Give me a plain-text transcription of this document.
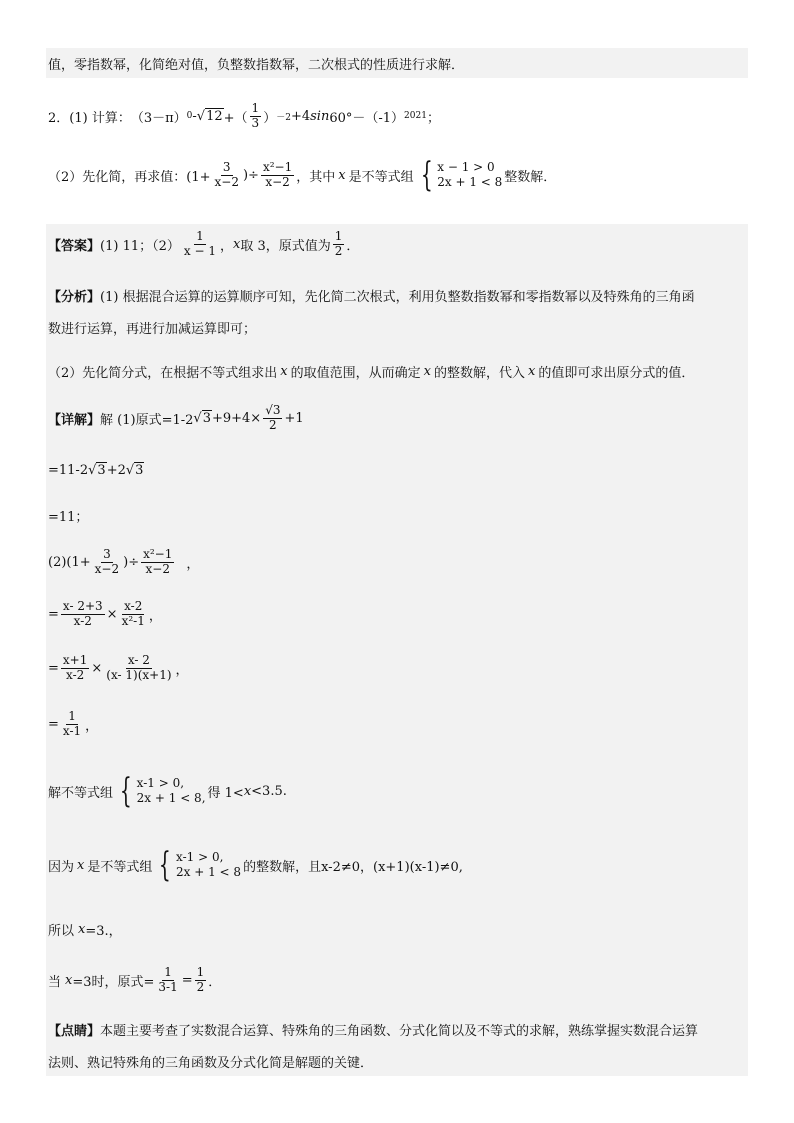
值，零指数幂，化简绝对值，负整数指数幂，二次根式的性质进行求解．
2．(1) 计算： （3－π） 0 - √ 12 +（ $\frac{1}{3}$ ） －2 +4 sin 60°－（-1） 2021 ；
（2）先化简，再求值：($1+ \frac{3}{x-2}$ )÷ $\frac{\text{x²−1}}{x-2}$ ，其中 x 是不等式组 { x − 1 > 0
2x + 1 < 8 整数解．
【答案】 (1) 11；$(2) \frac{1}{x - 1}$ ， x 取 3，原式值为 $\frac{1}{2}$ ．
【分析】 (1) 根据混合运算的运算顺序可知，先化简二次根式，利用负整数指数幂和零指数幂以及特殊角的三角函
数进行运算，再进行加减运算即可；
（2）先化简分式，在根据不等式组求出 x 的取值范围，从而确定 x 的整数解，代入 x 的值即可求出原分式的值．
【详解】 解 (1)原式=1-2 √ $3 +9+4\times \frac{√3}{2} +1$
=11-2 √ 3 +2 √ 3
=11；
$(2)(1+ \frac{3}{x-2}$ )÷ $\frac{\text{x²−1}}{x-2}$ ，
= $\frac{x- 2+3}{x-2} \times \frac{x-2}{\text{x²-1}}$ ，
= $\frac{x+1}{x-2} \times \frac{x- 2}{(x- 1)(x+1)}$ ，
= $\frac{1}{x-1}$ ，
解不等式组 { x-1 > 0,
2x + 1 < 8, 得 1< x <3.5.
因为 x 是不等式组 { x-1 > 0,
2x + 1 < 8 的整数解，且 x-2≠0，(x+1)(x-1)≠0,
所以 x =3.，
当 x =3时，原式= $\frac{1}{3-1} = \frac{1}{2}$ ．
【点睛】 本题主要考查了实数混合运算、特殊角的三角函数、分式化简以及不等式的求解，熟练掌握实数混合运算
法则、熟记特殊角的三角函数及分式化简是解题的关键．
